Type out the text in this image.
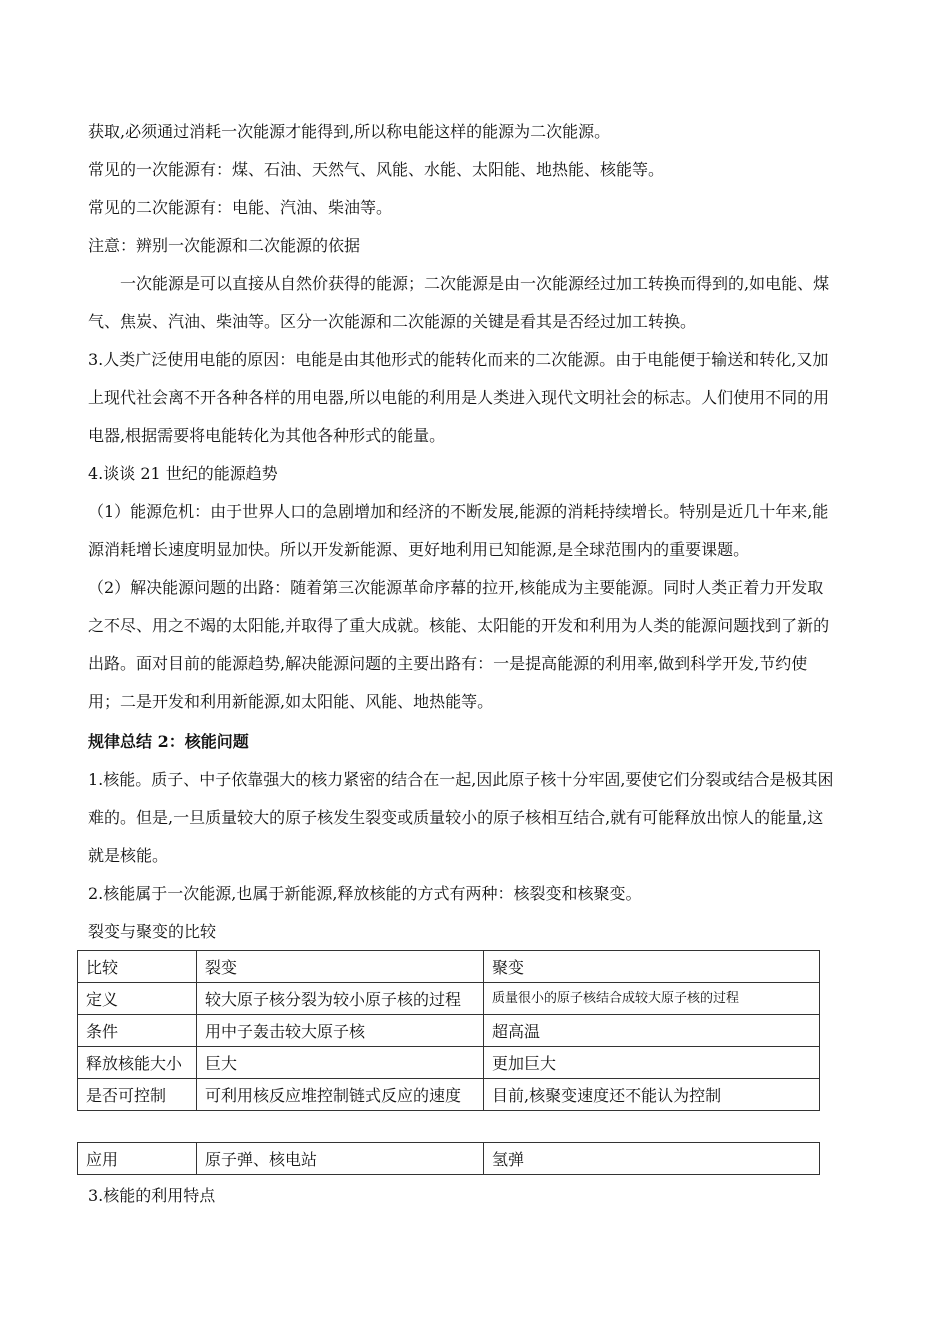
获取,必须通过消耗一次能源才能得到,所以称电能这样的能源为二次能源。
常见的一次能源有：煤、石油、天然气、风能、水能、太阳能、地热能、核能等。
常见的二次能源有：电能、汽油、柴油等。
注意：辨别一次能源和二次能源的依据
一次能源是可以直接从自然价获得的能源；二次能源是由一次能源经过加工转换而得到的,如电能、煤
气、焦炭、汽油、柴油等。区分一次能源和二次能源的关键是看其是否经过加工转换。
3.人类广泛使用电能的原因：电能是由其他形式的能转化而来的二次能源。由于电能便于输送和转化,又加
上现代社会离不开各种各样的用电器,所以电能的利用是人类进入现代文明社会的标志。人们使用不同的用
电器,根据需要将电能转化为其他各种形式的能量。
4.谈谈 21 世纪的能源趋势
（1）能源危机：由于世界人口的急剧增加和经济的不断发展,能源的消耗持续增长。特别是近几十年来,能
源消耗增长速度明显加快。所以开发新能源、更好地利用已知能源,是全球范围内的重要课题。
（2）解决能源问题的出路：随着第三次能源革命序幕的拉开,核能成为主要能源。同时人类正着力开发取
之不尽、用之不竭的太阳能,并取得了重大成就。核能、太阳能的开发和利用为人类的能源问题找到了新的
出路。面对目前的能源趋势,解决能源问题的主要出路有：一是提高能源的利用率,做到科学开发,节约使
用；二是开发和利用新能源,如太阳能、风能、地热能等。
规律总结 2：核能问题
1.核能。质子、中子依靠强大的核力紧密的结合在一起,因此原子核十分牢固,要使它们分裂或结合是极其困
难的。但是,一旦质量较大的原子核发生裂变或质量较小的原子核相互结合,就有可能释放出惊人的能量,这
就是核能。
2.核能属于一次能源,也属于新能源,释放核能的方式有两种：核裂变和核聚变。
裂变与聚变的比较
比较	裂变	聚变
定义	较大原子核分裂为较小原子核的过程	质量很小的原子核结合成较大原子核的过程
条件	用中子轰击较大原子核	超高温
释放核能大小	巨大	更加巨大
是否可控制	可利用核反应堆控制链式反应的速度	目前,核聚变速度还不能认为控制
应用	原子弹、核电站	氢弹
3.核能的利用特点
